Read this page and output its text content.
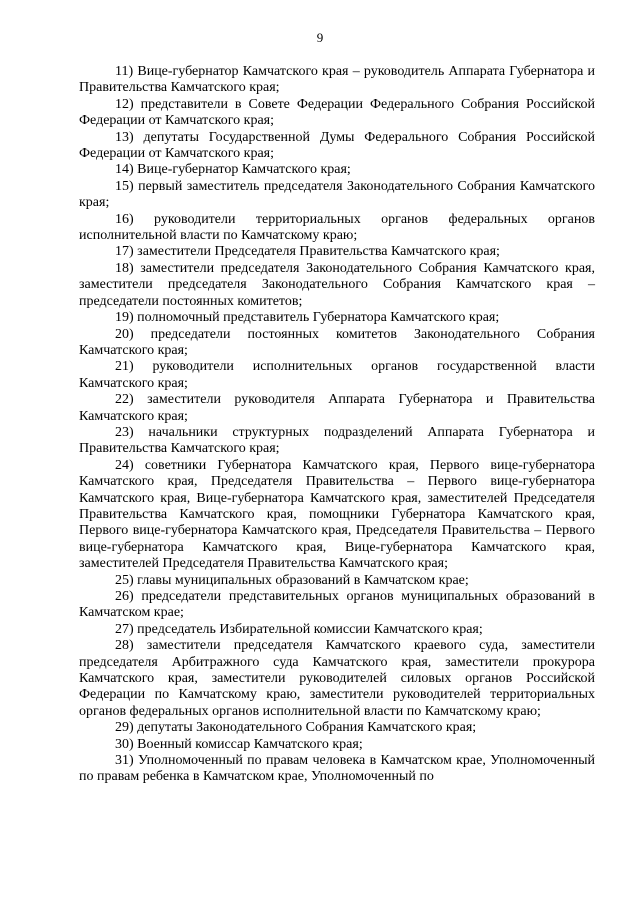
9

11) Вице-губернатор Камчатского края – руководитель Аппарата Губернатора и Правительства Камчатского края;

12) представители в Совете Федерации Федерального Собрания Российской Федерации от Камчатского края;

13) депутаты Государственной Думы Федерального Собрания Российской Федерации от Камчатского края;

14) Вице-губернатор Камчатского края;

15) первый заместитель председателя Законодательного Собрания Камчатского края;

16) руководители территориальных органов федеральных органов исполнительной власти по Камчатскому краю;

17) заместители Председателя Правительства Камчатского края;

18) заместители председателя Законодательного Собрания Камчатского края, заместители председателя Законодательного Собрания Камчатского края – председатели постоянных комитетов;

19) полномочный представитель Губернатора Камчатского края;

20) председатели постоянных комитетов Законодательного Собрания Камчатского края;

21) руководители исполнительных органов государственной власти Камчатского края;

22) заместители руководителя Аппарата Губернатора и Правительства Камчатского края;

23) начальники структурных подразделений Аппарата Губернатора и Правительства Камчатского края;

24) советники Губернатора Камчатского края, Первого вице-губернатора Камчатского края, Председателя Правительства – Первого вице-губернатора Камчатского края, Вице-губернатора Камчатского края, заместителей Председателя Правительства Камчатского края, помощники Губернатора Камчатского края, Первого вице-губернатора Камчатского края, Председателя Правительства – Первого вице-губернатора Камчатского края, Вице-губернатора Камчатского края, заместителей Председателя Правительства Камчатского края;

25) главы муниципальных образований в Камчатском крае;

26) председатели представительных органов муниципальных образований в Камчатском крае;

27) председатель Избирательной комиссии Камчатского края;

28) заместители председателя Камчатского краевого суда, заместители председателя Арбитражного суда Камчатского края, заместители прокурора Камчатского края, заместители руководителей силовых органов Российской Федерации по Камчатскому краю, заместители руководителей территориальных органов федеральных органов исполнительной власти по Камчатскому краю;

29) депутаты Законодательного Собрания Камчатского края;

30) Военный комиссар Камчатского края;

31) Уполномоченный по правам человека в Камчатском крае, Уполномоченный по правам ребенка в Камчатском крае, Уполномоченный по
